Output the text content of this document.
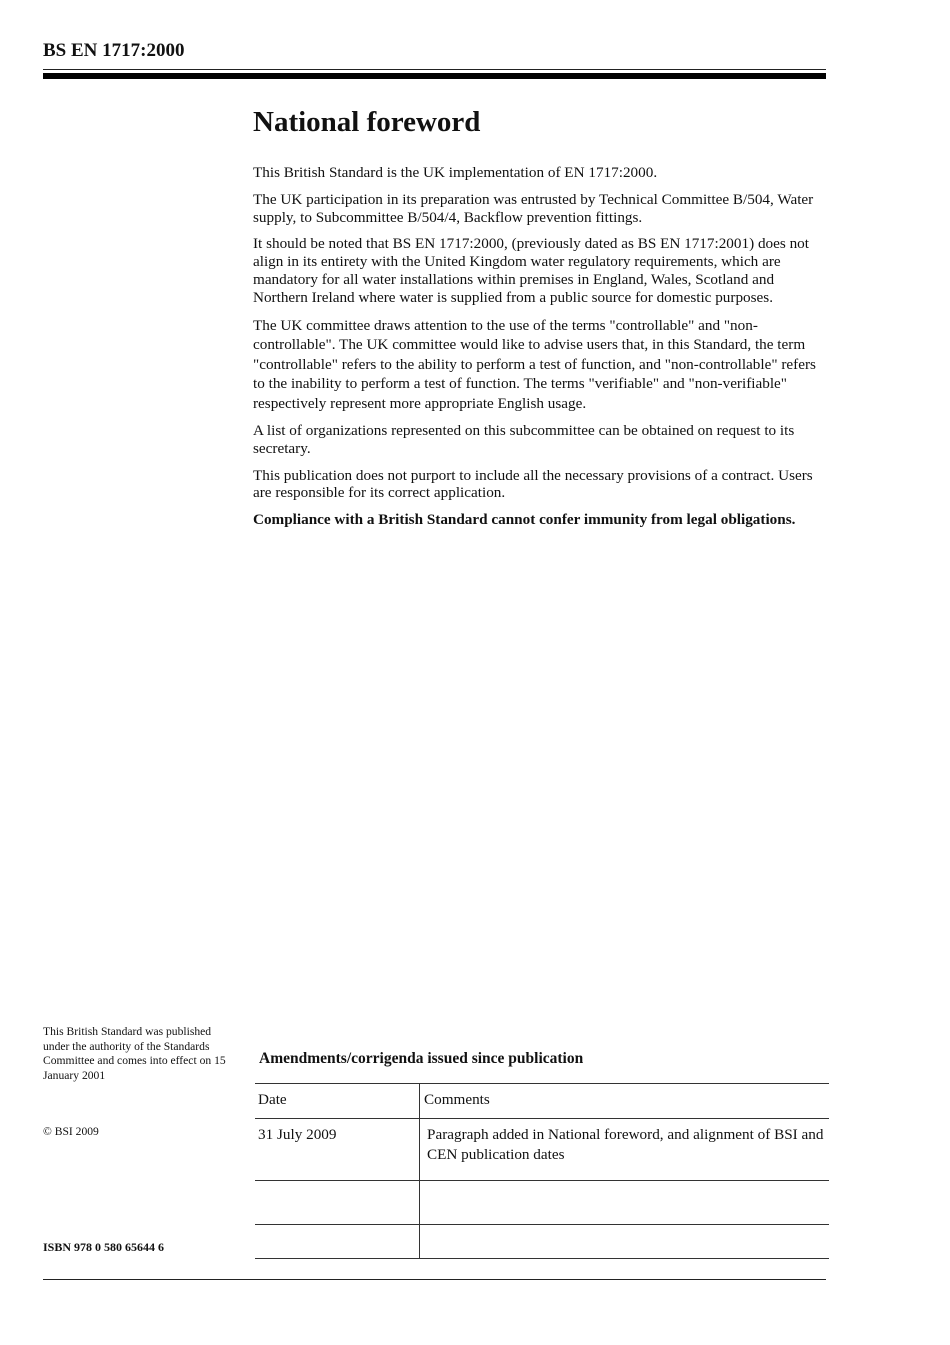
BS EN 1717:2000
National foreword

This British Standard is the UK implementation of EN 1717:2000.

The UK participation in its preparation was entrusted by Technical Committee B/504, Water supply, to Subcommittee B/504/4, Backflow prevention fittings.

It should be noted that BS EN 1717:2000, (previously dated as BS EN 1717:2001) does not align in its entirety with the United Kingdom water regulatory requirements, which are mandatory for all water installations within premises in England, Wales, Scotland and Northern Ireland where water is supplied from a public source for domestic purposes.

The UK committee draws attention to the use of the terms "controllable" and "non-controllable". The UK committee would like to advise users that, in this Standard, the term "controllable" refers to the ability to perform a test of function, and "non-controllable" refers to the inability to perform a test of function. The terms "verifiable" and "non-verifiable" respectively represent more appropriate English usage.

A list of organizations represented on this subcommittee can be obtained on request to its secretary.

This publication does not purport to include all the necessary provisions of a contract. Users are responsible for its correct application.

Compliance with a British Standard cannot confer immunity from legal obligations.

This British Standard was published under the authority of the Standards Committee and comes into effect on 15 January 2001
© BSI 2009
ISBN 978 0 580 65644 6
Amendments/corrigenda issued since publication
Date	Comments
31 July 2009	Paragraph added in National foreword, and alignment of BSI and CEN publication dates
